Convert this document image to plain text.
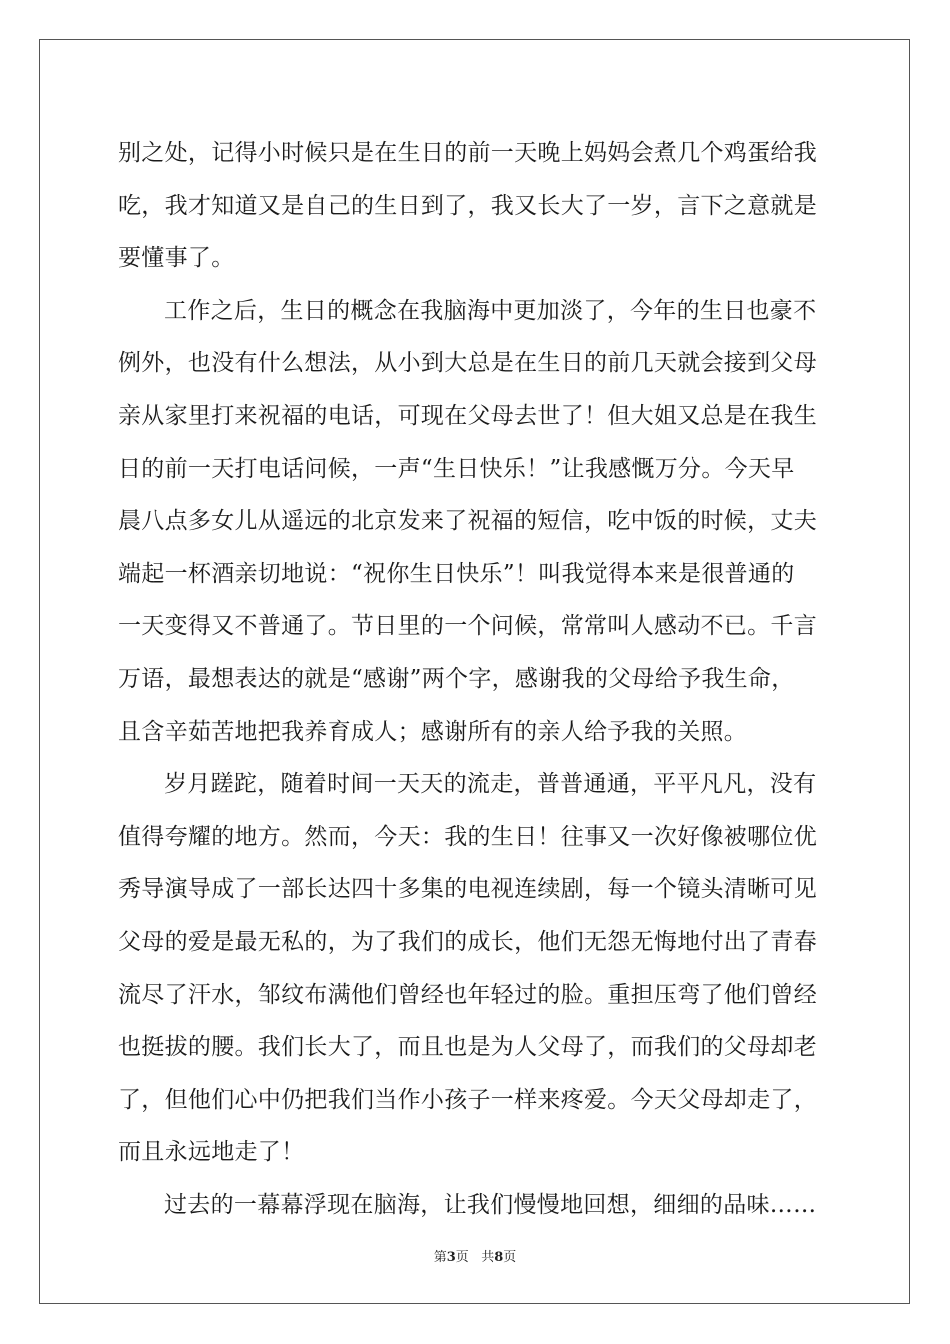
别之处，记得小时候只是在生日的前一天晚上妈妈会煮几个鸡蛋给我
吃，我才知道又是自己的生日到了，我又长大了一岁，言下之意就是
要懂事了。
工作之后，生日的概念在我脑海中更加淡了，今年的生日也豪不
例外，也没有什么想法，从小到大总是在生日的前几天就会接到父母
亲从家里打来祝福的电话，可现在父母去世了！但大姐又总是在我生
日的前一天打电话问候，一声“生日快乐！”让我感慨万分。今天早
晨八点多女儿从遥远的北京发来了祝福的短信，吃中饭的时候，丈夫
端起一杯酒亲切地说：“祝你生日快乐”！叫我觉得本来是很普通的
一天变得又不普通了。节日里的一个问候，常常叫人感动不已。千言
万语，最想表达的就是“感谢”两个字，感谢我的父母给予我生命，
且含辛茹苦地把我养育成人；感谢所有的亲人给予我的关照。
岁月蹉跎，随着时间一天天的流走，普普通通，平平凡凡，没有
值得夸耀的地方。然而，今天：我的生日！往事又一次好像被哪位优
秀导演导成了一部长达四十多集的电视连续剧，每一个镜头清晰可见
父母的爱是最无私的，为了我们的成长，他们无怨无悔地付出了青春
流尽了汗水，邹纹布满他们曾经也年轻过的脸。重担压弯了他们曾经
也挺拔的腰。我们长大了，而且也是为人父母了，而我们的父母却老
了，但他们心中仍把我们当作小孩子一样来疼爱。今天父母却走了，
而且永远地走了！
过去的一幕幕浮现在脑海，让我们慢慢地回想，细细的品味……
第3页 共8页
